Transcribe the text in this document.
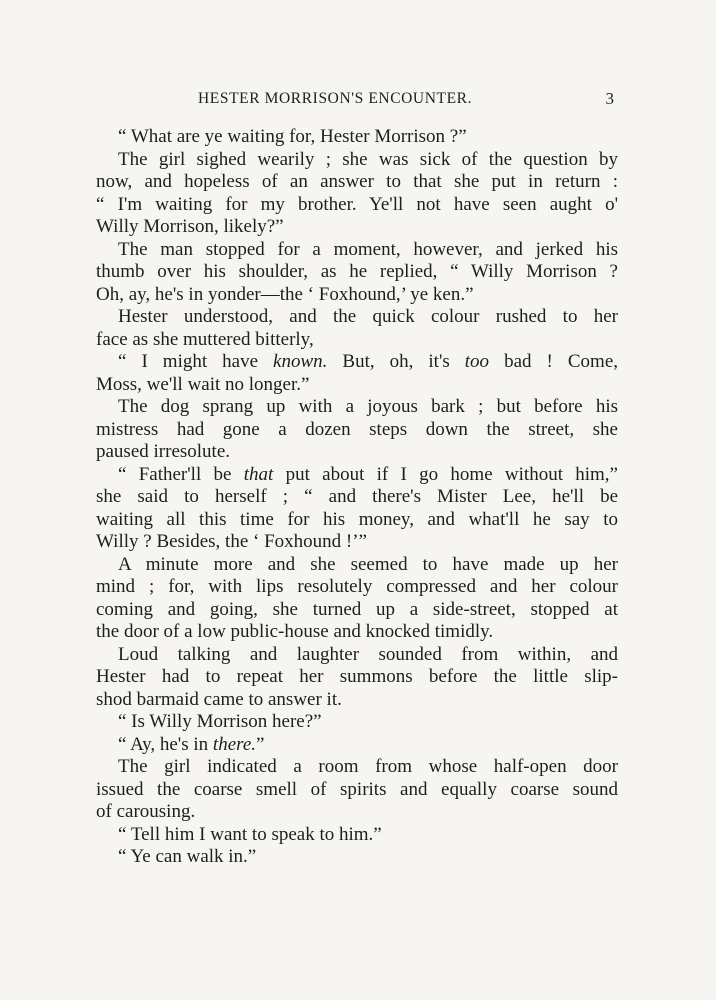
HESTER MORRISON'S ENCOUNTER.	3
“ What are ye waiting for, Hester Morrison ?”
The girl sighed wearily ; she was sick of the question by
now, and hopeless of an answer to that she put in return :
“ I'm waiting for my brother. Ye'll not have seen aught o'
Willy Morrison, likely?”
The man stopped for a moment, however, and jerked his
thumb over his shoulder, as he replied, “ Willy Morrison ?
Oh, ay, he's in yonder—the ‘ Foxhound,’ ye ken.”
Hester understood, and the quick colour rushed to her
face as she muttered bitterly,
“ I might have known. But, oh, it's too bad ! Come,
Moss, we'll wait no longer.”
The dog sprang up with a joyous bark ; but before his
mistress had gone a dozen steps down the street, she
paused irresolute.
“ Father'll be that put about if I go home without him,”
she said to herself ; “ and there's Mister Lee, he'll be
waiting all this time for his money, and what'll he say to
Willy ? Besides, the ‘ Foxhound !’”
A minute more and she seemed to have made up her
mind ; for, with lips resolutely compressed and her colour
coming and going, she turned up a side-street, stopped at
the door of a low public-house and knocked timidly.
Loud talking and laughter sounded from within, and
Hester had to repeat her summons before the little slip-
shod barmaid came to answer it.
“ Is Willy Morrison here?”
“ Ay, he's in there.”
The girl indicated a room from whose half-open door
issued the coarse smell of spirits and equally coarse sound
of carousing.
“ Tell him I want to speak to him.”
“ Ye can walk in.”
